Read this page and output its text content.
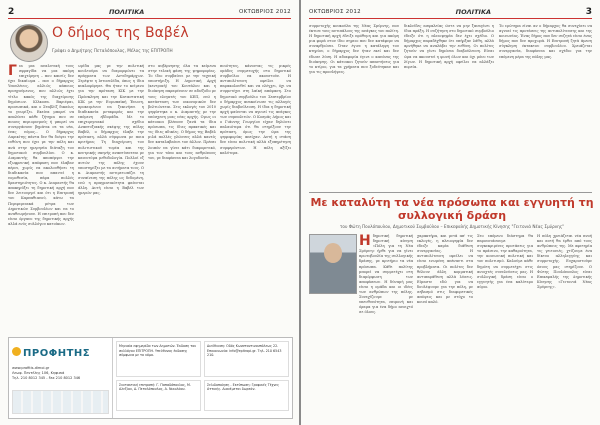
2	ΠΟΛΙΤΙΚΑ	ΟΚΤΩΒΡΙΟΣ 2012
Ο δήμος της Βαβέλ
Γράφει ο Δημήτρης Πεταλόπουλος, Μέλος της ΕΠΙΤΡΟΠΗ
Γ ια μια αναλυτική τους σφραγίδα να μια ακόμη επιχείρηση – που κανείς δεν έχει δικαίωμα – που ο δήμαρχος Υπουλένος, αλλιώς κάποιος προηγούμενος, που αλλιώς έχει τίτλο κακός της διαχείρισης δημόσιων. Κίλκοσα. Βαριέμαι, προσωπικά, και ο Σταβλίζ δικαίως το γνωρίζει. Εκείνα μπορεί να απολύσει κάθε ζήτημα που σε ποιους περιορισμούς ή μπορεί να συνεργάσουν βημάτικ σε τα νέα, ένας νόμος... Ο δήμαρχος Λαρικίτης πάντα δεν θα διέψει την ευθύνη που έχει με την πόλη και ανά στην ημερησία διάταξη του δημοτικού συμβουλίου. Ο κ. Διαμαντής θα αποπέμψει την εξωφρενική απόφαση που έλαβαν πέρσι, χωρίς να ακολουθήσει τη διαδικασία που απαιτεί η νομοθεσία, πάρα πολλές δραστηριότητες. Ο κ. Διαμαντής θα αποκηρύξει τη δημοτική αρχή που δεν λειτουργεί και ότι η Επιτροπή του Καρπαθιανού, κάτω τα Περιφερειακά μέτρα των Δημοτικών Συμβουλίων και να το αναθεωρήσουν. Η επιτροπή που δεν είναι όργανο της δημοτικής αρχής αλλά ενός συλλόγου κατοίκων.
ωρίδα μας με την πολιτική κουλτούρα να διαμορφώνει τα πράγματα των Αντιδημάρχων. Στρέψτε η Ιστοσελίδα, όπως η ίδια κυκλοφόρησε. Θα ήταν το κείμενο για την πρόταση ΚΙΚ με την Πρόσκληση και την Καταστατική ΚΙΚ με την Ευρωπαϊκή Ένωση, προκειμένου να ξεκινήσει η διαδικασία μεταφοράς και την επόμενη εβδομάδα. Με το επιχειρησιακό σχέδιο Αναπτυξιακής σκέψης της πόλης Βαβέλ, ο δήμαρχος έλαβε την πρόταση, αλλά σύμφωνα με ποια κριτήρια; Τη διαχείριση του πολιτιστικού τομέα και της κεντρικής σκηνής αναπτύσσεται με καινοτόμα μεθοδολογία. Πολλοί εξ αυτών της πόλης έχουν υποστηρίξει με τα αιτήματα τους. Ο κ. Διαμαντής αντιμετωπίζει τη συναίνεση της πόλης ως δεδομένη, ενώ η πραγματικότητα φαίνεται άλλη. Αυτή είναι η Βαβέλ των ημερών μας.
στο κυβέρνησης όλα τα κείμενα στην τελική φάση της ψηφοφορίας. Το ίδιο συμβαίνει με την τεχνική υποστήριξη. Η Δημοτική Αρχή (κεντρική) του Κουτάλου και η διοίκηση παραμένουν σε αδιέξοδο με τους ελεγκτές του ΚΕΠ, ενώ η κατάσταση των οικονομικών δεν βελτιώνεται. Στις εκλογές του 2010 ψηφίστηκε ο κ. Διαμαντής με την υπόσχεση μιας νέας αρχής. Ομως οι κάτοικοι βλέπουν ξανά τα ίδια πρόσωπα, τις ίδιες πρακτικές και τις ίδιες αδικίες. Ο δήμος της Βαβέλ μιλά πολλές γλώσσες αλλά κανείς δεν καταλαβαίνει τον άλλον. Πρέπει λοιπόν να γίνει κάτι διαφορετικό, για τον τόπο και τους ανθρώπους του, με διαφάνεια και λογοδοσία.
ποιότητες, κάνοντας τις μικρές ομάδες συμμετοχής στο δημοτικό συμβούλιο να ακουστούν. Η αντιπολίτευση οφείλει να παρακολουθεί και να ελέγχει, όχι να συμμετέχει στη λαϊκή απόφαση. Στο δημοτικό συμβούλιο του Σεπτεμβρίου ο δήμαρχος ανακοίνωσε τις αλλαγές χωρίς διαβούλευση. Η ίδια η δημοτική αρχή φαίνεται να αγνοεί τις ανάγκες των συμπολιτών. Ο Κοσμάς Δήμος και ο Γιάννης Γεωργίου είχαν δηλώσει παλαιότερα ότι θα στηρίξουν την πρόταση, όμως την ώρα της ψηφοφορίας απείχαν. Αυτή η στάση δεν είναι πολιτική αλλά εξυπηρέτηση συμφερόντων. Η πόλη αξίζει καλύτερα.
ΠΡΟΦΗΤΗΣ
www.profitis-dimoi.gr
Λεωφ. Πεντέλης 106, Κηφισιά
Τηλ. 210 8012 345 - Fax 210 8012 346
Μηνιαία εφημερίδα των Δημοτών. Έκδοση του συλλόγου ΕΠΙΤΡΟΠΗ. Υπεύθυνος έκδοσης σύμφωνα με το νόμο.
Διεύθυνση: Οδός Κωνσταντινουπόλεως 22. Επικοινωνία: info@epitropi.gr. Τηλ. 210 6543 210.
Συντακτική επιτροπή: Γ. Παπαδόπουλος, Μ. Αλεξίου, Δ. Πεταλόπουλος, Α. Νικολάου.
Σελιδοποίηση - Εκτύπωση: Γραφικές Τέχνες Αττικής. Διανέμεται δωρεάν.
ΟΚΤΩΒΡΙΟΣ 2012	ΠΟΛΙΤΙΚΑ	3
συμμετοχής κουκούλα της Νέας Σμύρνης, που έκτισε τους αντιπάλους της ανάγκες του πολίτη. Η δημοτική αρχή έδειξε πρόθυμη και για ακόμη μια φορά στον ίδιο σημειο που δεν κατάφερε να συναρθρώσει. Όταν έγινε η κατάληψη του κτηρίου, ο δήμαρχος δεν ήταν εκεί και δεν έδωσε λύση. Η αδιαφορία έγινε ο κανόνας της διοίκησης. Οι κάτοικοι ζητούν απαντήσεις για το κτίριο, για τα χρήματα που ξοδεύτηκαν και για τις προσλήψεις.
δικλείδες ασφαλείας ώστε να μην ξαναγίνει η ίδια πράξη. Η συζήτηση στο δημοτικό συμβούλιο έδειξε ότι η πλειοψηφία δεν έχει σχέδιο. Ο δήμαρχος παραδέχθηκε ότι υπήρξαν λάθη, αλλά αρνήθηκε να αναλάβει την ευθύνη. Οι πολίτες ζητούν να γίνει δημόσια διαβούλευση. Είναι ώρα να ακουστεί η φωνή όλων και όχι μόνο των λίγων. Η δημοτική αρχή οφείλει να αλλάξει πορεία.
Το ερώτημα είναι αν ο δήμαρχος θα συνεχίσει να αγνοεί τις προτάσεις της αντιπολίτευσης και της κοινωνίας. Ένας δήμος που δεν συζητά είναι ένας δήμος που δεν προχωρά. Η Επιτροπή ζητά άμεση σύγκληση έκτακτου συμβουλίου. Χρειάζεται συνεργασία, διαφάνεια και σχέδιο για την επόμενη μέρα της πόλης μας.
Με καταλύτη τα νέα πρόσωπα και εγγυητή τη συλλογική δράση
του Φώτη Πουλόπουλου, Δημοτικού Συμβούλου – Επικεφαλής Δημοτικής Κίνησης "Γειτονιά Νέας Σμύρνης"
Η δημοτική δημοτική δημοτική κίνηση «Πόλη για τη Νέα Σμύρνη» ήρθε για να γίνει πρωτοβουλία της συλλογικής δράσης, με κριτήριο τα νέα πρόσωπα. Κάθε πολίτης μπορεί να συμμετέχει στη διαμόρφωση των αποφάσεων. Η δύναμή μας είναι η ομάδα και οι ιδέες των ανθρώπων της πόλης. Συνεχίζουμε με υπευθυνότητα, επιμονή και όραμα για ένα δήμο ανοιχτό σε όλους.
χαρακτήρα, και μετά απ' τις εκλογές, η πλειοψηφία δεν έδειξε καμία διάθεση συνεργασίας. Η αντιπολίτευση οφείλει να είναι ενωμένη απέναντι στα προβλήματα. Οι πολίτες δεν θέλουν άλλη κομματική αντιπαράθεση αλλά λύσεις. Είμαστε εδώ για να δουλέψουμε για την πόλη, με σεβασμό στις διαφορετικές απόψεις και με στόχο το κοινό καλό.
Στο επόμενο διάστημα θα παρουσιάσουμε συγκεκριμένες προτάσεις για το πράσινο, την καθαριότητα, την κοινωνική πολιτική και τον πολιτισμό. Καλούμε κάθε δημότη να συμμετέχει στις ανοιχτές συνελεύσεις μας. Η συλλογική δράση είναι ο εγγυητής για ένα καλύτερο αύριο.
Η πόλη χρειάζεται νέα πνοή και αυτή θα έρθει από τους ανθρώπους της. Με αφετηρία τις γειτονιές, χτίζουμε ένα δίκτυο αλληλεγγύης και συμμετοχής. Ευχαριστούμε όσους μας στηρίζουν. Ο Φώτης Πουλόπουλος είναι Επικεφαλής της Δημοτικής Κίνησης «Γειτονιά Νέας Σμύρνης».
